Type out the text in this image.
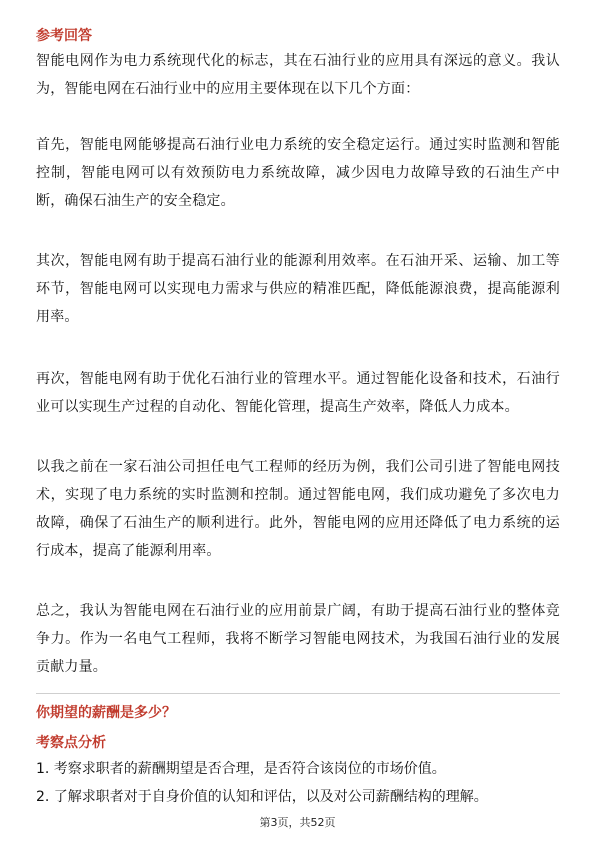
参考回答
智能电网作为电力系统现代化的标志，其在石油行业的应用具有深远的意义。我认为，智能电网在石油行业中的应用主要体现在以下几个方面：
首先，智能电网能够提高石油行业电力系统的安全稳定运行。通过实时监测和智能控制，智能电网可以有效预防电力系统故障，减少因电力故障导致的石油生产中断，确保石油生产的安全稳定。
其次，智能电网有助于提高石油行业的能源利用效率。在石油开采、运输、加工等环节，智能电网可以实现电力需求与供应的精准匹配，降低能源浪费，提高能源利用率。
再次，智能电网有助于优化石油行业的管理水平。通过智能化设备和技术，石油行业可以实现生产过程的自动化、智能化管理，提高生产效率，降低人力成本。
以我之前在一家石油公司担任电气工程师的经历为例，我们公司引进了智能电网技术，实现了电力系统的实时监测和控制。通过智能电网，我们成功避免了多次电力故障，确保了石油生产的顺利进行。此外，智能电网的应用还降低了电力系统的运行成本，提高了能源利用率。
总之，我认为智能电网在石油行业的应用前景广阔，有助于提高石油行业的整体竞争力。作为一名电气工程师，我将不断学习智能电网技术，为我国石油行业的发展贡献力量。
你期望的薪酬是多少？
考察点分析
1. 考察求职者的薪酬期望是否合理，是否符合该岗位的市场价值。
2. 了解求职者对于自身价值的认知和评估，以及对公司薪酬结构的理解。
第3页，共52页
